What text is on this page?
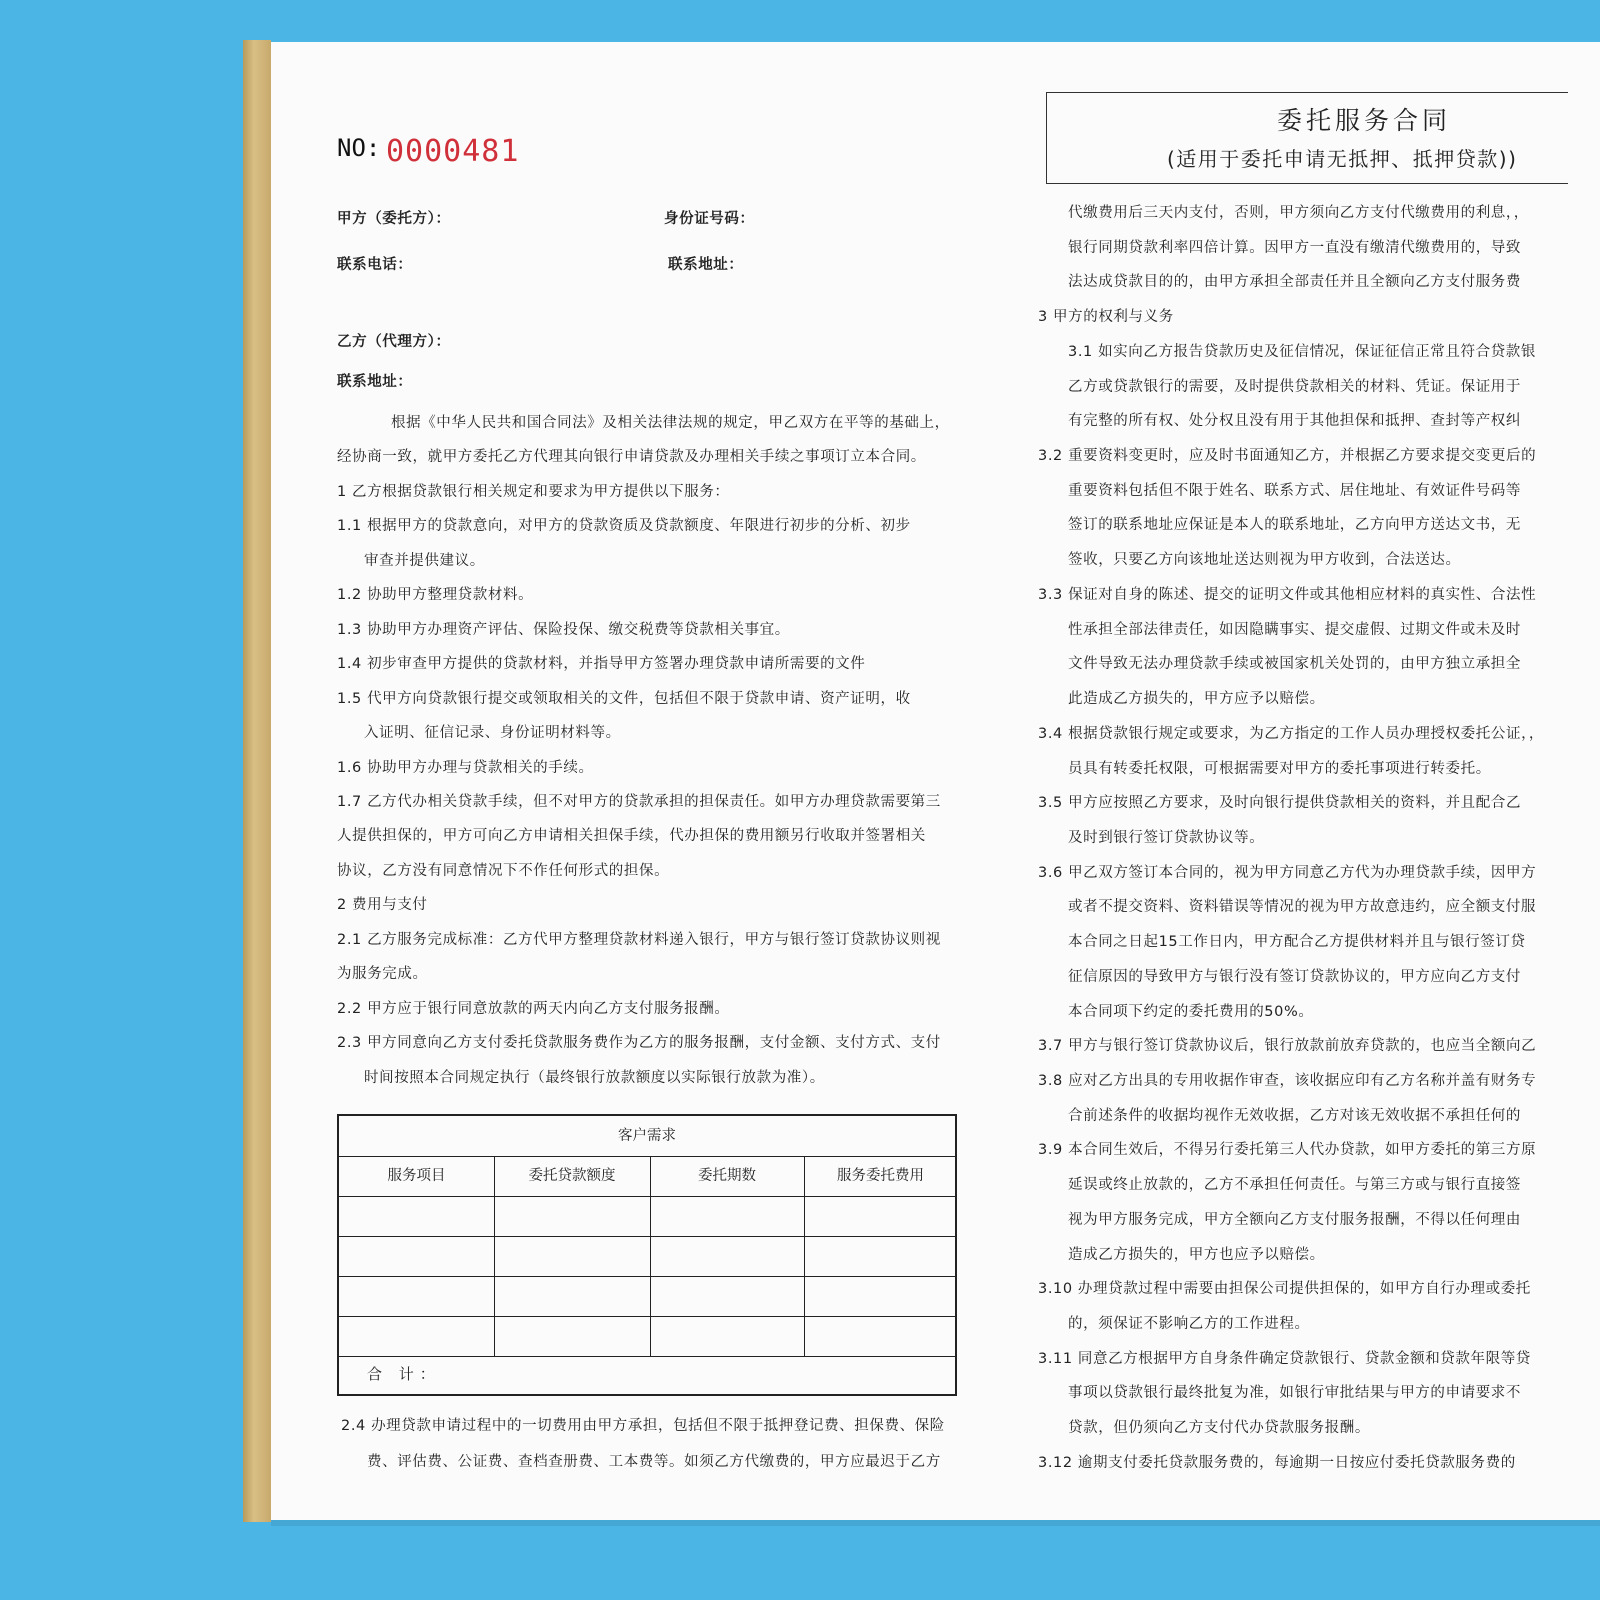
NO: 0000481
甲方（委托方）：	身份证号码：
联系电话：	联系地址：
乙方（代理方）：
联系地址：
根据《中华人民共和国合同法》及相关法律法规的规定，甲乙双方在平等的基础上，
经协商一致，就甲方委托乙方代理其向银行申请贷款及办理相关手续之事项订立本合同。
1 乙方根据贷款银行相关规定和要求为甲方提供以下服务：
1.1 根据甲方的贷款意向，对甲方的贷款资质及贷款额度、年限进行初步的分析、初步
审查并提供建议。
1.2 协助甲方整理贷款材料。
1.3 协助甲方办理资产评估、保险投保、缴交税费等贷款相关事宜。
1.4 初步审查甲方提供的贷款材料，并指导甲方签署办理贷款申请所需要的文件
1.5 代甲方向贷款银行提交或领取相关的文件，包括但不限于贷款申请、资产证明，收
入证明、征信记录、身份证明材料等。
1.6 协助甲方办理与贷款相关的手续。
1.7 乙方代办相关贷款手续，但不对甲方的贷款承担的担保责任。如甲方办理贷款需要第三
人提供担保的，甲方可向乙方申请相关担保手续，代办担保的费用额另行收取并签署相关
协议，乙方没有同意情况下不作任何形式的担保。
2 费用与支付
2.1 乙方服务完成标准：乙方代甲方整理贷款材料递入银行，甲方与银行签订贷款协议则视
为服务完成。
2.2 甲方应于银行同意放款的两天内向乙方支付服务报酬。
2.3 甲方同意向乙方支付委托贷款服务费作为乙方的服务报酬，支付金额、支付方式、支付
时间按照本合同规定执行（最终银行放款额度以实际银行放款为准）。
客户需求
服务项目	委托贷款额度	委托期数	服务委托费用
合 计：
2.4 办理贷款申请过程中的一切费用由甲方承担，包括但不限于抵押登记费、担保费、保险
费、评估费、公证费、查档查册费、工本费等。如须乙方代缴费的，甲方应最迟于乙方
委托服务合同
(适用于委托申请无抵押、抵押贷款))
代缴费用后三天内支付，否则，甲方须向乙方支付代缴费用的利息，，
银行同期贷款利率四倍计算。因甲方一直没有缴清代缴费用的，导致
法达成贷款目的的，由甲方承担全部责任并且全额向乙方支付服务费
3 甲方的权利与义务
3.1 如实向乙方报告贷款历史及征信情况，保证征信正常且符合贷款银
乙方或贷款银行的需要，及时提供贷款相关的材料、凭证。保证用于
有完整的所有权、处分权且没有用于其他担保和抵押、查封等产权纠
3.2 重要资料变更时，应及时书面通知乙方，并根据乙方要求提交变更后的
重要资料包括但不限于姓名、联系方式、居住地址、有效证件号码等
签订的联系地址应保证是本人的联系地址，乙方向甲方送达文书，无
签收，只要乙方向该地址送达则视为甲方收到，合法送达。
3.3 保证对自身的陈述、提交的证明文件或其他相应材料的真实性、合法性
性承担全部法律责任，如因隐瞒事实、提交虚假、过期文件或未及时
文件导致无法办理贷款手续或被国家机关处罚的，由甲方独立承担全
此造成乙方损失的，甲方应予以赔偿。
3.4 根据贷款银行规定或要求，为乙方指定的工作人员办理授权委托公证，，
员具有转委托权限，可根据需要对甲方的委托事项进行转委托。
3.5 甲方应按照乙方要求，及时向银行提供贷款相关的资料，并且配合乙
及时到银行签订贷款协议等。
3.6 甲乙双方签订本合同的，视为甲方同意乙方代为办理贷款手续，因甲方
或者不提交资料、资料错误等情况的视为甲方故意违约，应全额支付服
本合同之日起15工作日内，甲方配合乙方提供材料并且与银行签订贷
征信原因的导致甲方与银行没有签订贷款协议的，甲方应向乙方支付
本合同项下约定的委托费用的50%。
3.7 甲方与银行签订贷款协议后，银行放款前放弃贷款的，也应当全额向乙
3.8 应对乙方出具的专用收据作审查，该收据应印有乙方名称并盖有财务专
合前述条件的收据均视作无效收据，乙方对该无效收据不承担任何的
3.9 本合同生效后，不得另行委托第三人代办贷款，如甲方委托的第三方原
延误或终止放款的，乙方不承担任何责任。与第三方或与银行直接签
视为甲方服务完成，甲方全额向乙方支付服务报酬，不得以任何理由
造成乙方损失的，甲方也应予以赔偿。
3.10 办理贷款过程中需要由担保公司提供担保的，如甲方自行办理或委托
的，须保证不影响乙方的工作进程。
3.11 同意乙方根据甲方自身条件确定贷款银行、贷款金额和贷款年限等贷
事项以贷款银行最终批复为准，如银行审批结果与甲方的申请要求不
贷款，但仍须向乙方支付代办贷款服务报酬。
3.12 逾期支付委托贷款服务费的，每逾期一日按应付委托贷款服务费的
